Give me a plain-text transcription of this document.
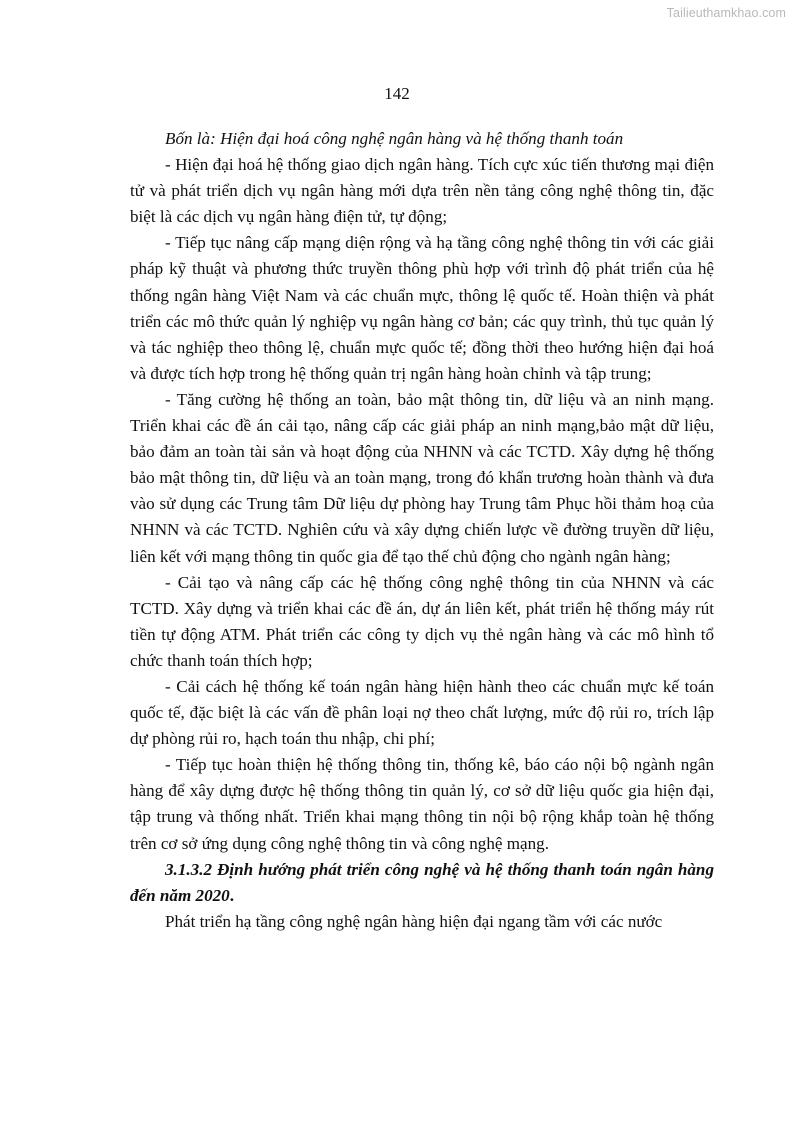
Tailieuthamkhao.com
142

Bốn là: Hiện đại hoá công nghệ ngân hàng và hệ thống thanh toán

- Hiện đại hoá hệ thống giao dịch ngân hàng. Tích cực xúc tiến thương mại điện tử và phát triển dịch vụ ngân hàng mới dựa trên nền tảng công nghệ thông tin, đặc biệt là các dịch vụ ngân hàng điện tử, tự động;

- Tiếp tục nâng cấp mạng diện rộng và hạ tầng công nghệ thông tin với các giải pháp kỹ thuật và phương thức truyền thông phù hợp với trình độ phát triển của hệ thống ngân hàng Việt Nam và các chuẩn mực, thông lệ quốc tế. Hoàn thiện và phát triển các mô thức quản lý nghiệp vụ ngân hàng cơ bản; các quy trình, thủ tục quản lý và tác nghiệp theo thông lệ, chuẩn mực quốc tế; đồng thời theo hướng hiện đại hoá và được tích hợp trong hệ thống quản trị ngân hàng hoàn chỉnh và tập trung;

- Tăng cường hệ thống an toàn, bảo mật thông tin, dữ liệu và an ninh mạng. Triển khai các đề án cải tạo, nâng cấp các giải pháp an ninh mạng,bảo mật dữ liệu, bảo đảm an toàn tài sản và hoạt động của NHNN và các TCTD. Xây dựng hệ thống bảo mật thông tin, dữ liệu và an toàn mạng, trong đó khẩn trương hoàn thành và đưa vào sử dụng các Trung tâm Dữ liệu dự phòng hay Trung tâm Phục hồi thảm hoạ của NHNN và các TCTD. Nghiên cứu và xây dựng chiến lược về đường truyền dữ liệu, liên kết với mạng thông tin quốc gia để tạo thế chủ động cho ngành ngân hàng;

- Cải tạo và nâng cấp các hệ thống công nghệ thông tin của NHNN và các TCTD. Xây dựng và triển khai các đề án, dự án liên kết, phát triển hệ thống máy rút tiền tự động ATM. Phát triển các công ty dịch vụ thẻ ngân hàng và các mô hình tổ chức thanh toán thích hợp;

- Cải cách hệ thống kế toán ngân hàng hiện hành theo các chuẩn mực kế toán quốc tế, đặc biệt là các vấn đề phân loại nợ theo chất lượng, mức độ rủi ro, trích lập dự phòng rủi ro, hạch toán thu nhập, chi phí;

- Tiếp tục hoàn thiện hệ thống thông tin, thống kê, báo cáo nội bộ ngành ngân hàng để xây dựng được hệ thống thông tin quản lý, cơ sở dữ liệu quốc gia hiện đại, tập trung và thống nhất. Triển khai mạng thông tin nội bộ rộng khắp toàn hệ thống trên cơ sở ứng dụng công nghệ thông tin và công nghệ mạng.

3.1.3.2 Định hướng phát triển công nghệ và hệ thống thanh toán ngân hàng đến năm 2020.

Phát triển hạ tầng công nghệ ngân hàng hiện đại ngang tầm với các nước
